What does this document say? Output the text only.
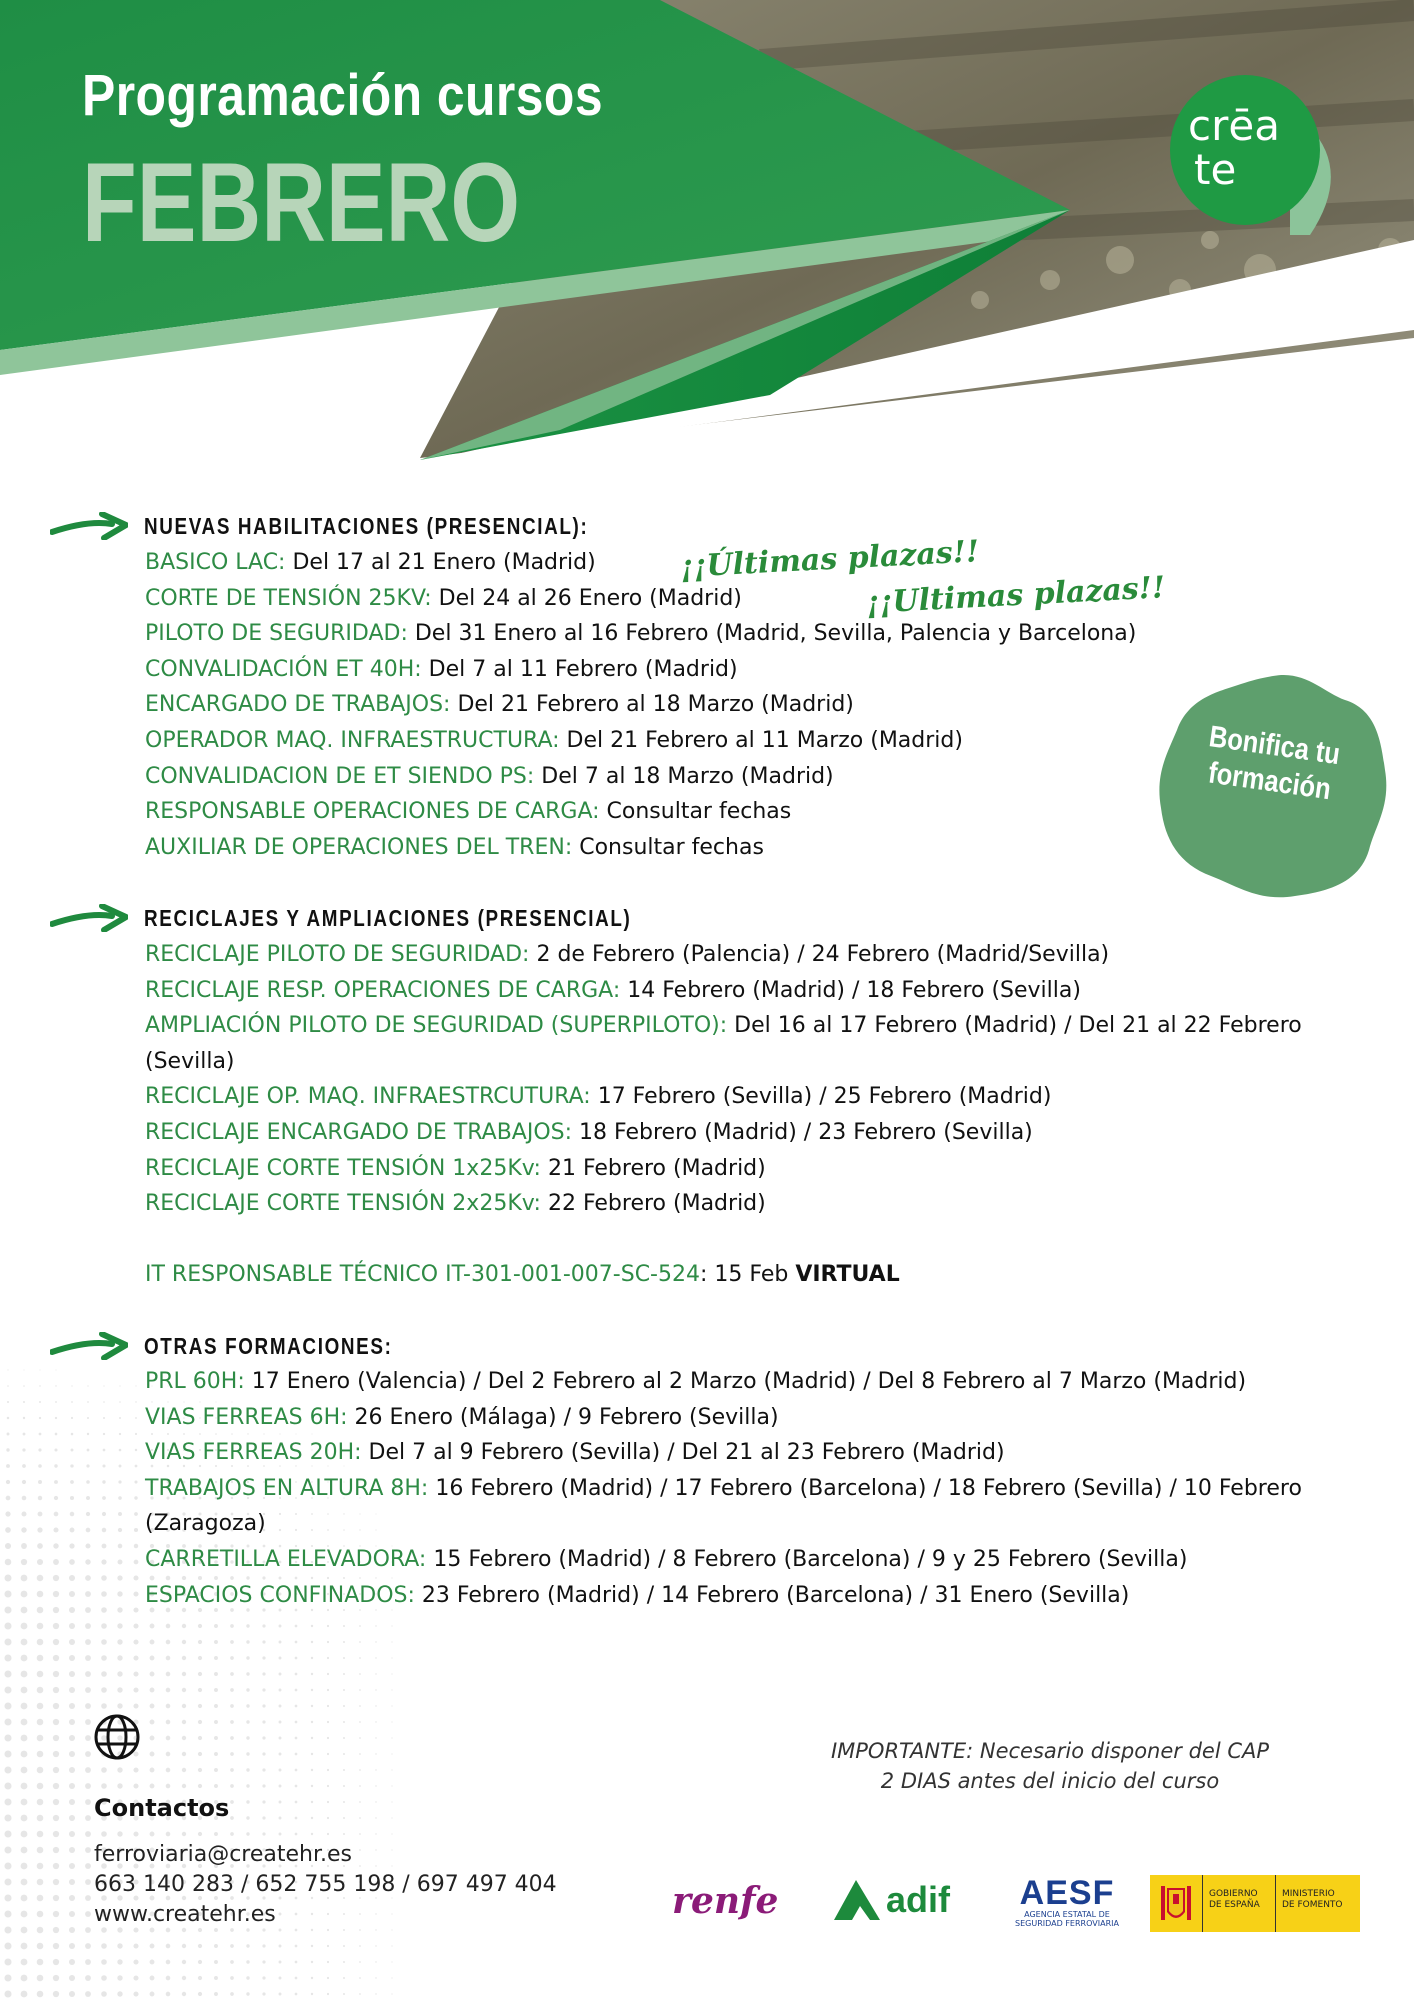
Programación cursos
FEBRERO
crēa
te
NUEVAS HABILITACIONES (PRESENCIAL):
BASICO LAC: Del 17 al 21 Enero (Madrid)
CORTE DE TENSIÓN 25KV: Del 24 al 26 Enero (Madrid)
PILOTO DE SEGURIDAD: Del 31 Enero al 16 Febrero (Madrid, Sevilla, Palencia y Barcelona)
CONVALIDACIÓN ET 40H: Del 7 al 11 Febrero (Madrid)
ENCARGADO DE TRABAJOS: Del 21 Febrero al 18 Marzo (Madrid)
OPERADOR MAQ. INFRAESTRUCTURA: Del 21 Febrero al 11 Marzo (Madrid)
CONVALIDACION DE ET SIENDO PS: Del 7 al 18 Marzo (Madrid)
RESPONSABLE OPERACIONES DE CARGA: Consultar fechas
AUXILIAR DE OPERACIONES DEL TREN: Consultar fechas
¡¡Últimas plazas!!
¡¡Ultimas plazas!!
Bonifica tu
formación
RECICLAJES Y AMPLIACIONES (PRESENCIAL)
RECICLAJE PILOTO DE SEGURIDAD: 2 de Febrero (Palencia) / 24 Febrero (Madrid/Sevilla)
RECICLAJE RESP. OPERACIONES DE CARGA: 14 Febrero (Madrid) / 18 Febrero (Sevilla)
AMPLIACIÓN PILOTO DE SEGURIDAD (SUPERPILOTO): Del 16 al 17 Febrero (Madrid) / Del 21 al 22 Febrero (Sevilla)
RECICLAJE OP. MAQ. INFRAESTRCUTURA: 17 Febrero (Sevilla) / 25 Febrero (Madrid)
RECICLAJE ENCARGADO DE TRABAJOS: 18 Febrero (Madrid) / 23 Febrero (Sevilla)
RECICLAJE CORTE TENSIÓN 1x25Kv: 21 Febrero (Madrid)
RECICLAJE CORTE TENSIÓN 2x25Kv: 22 Febrero (Madrid)
IT RESPONSABLE TÉCNICO IT-301-001-007-SC-524: 15 Feb VIRTUAL
OTRAS FORMACIONES:
PRL 60H: 17 Enero (Valencia) / Del 2 Febrero al 2 Marzo (Madrid) / Del 8 Febrero al 7 Marzo (Madrid)
VIAS FERREAS 6H: 26 Enero (Málaga) / 9 Febrero (Sevilla)
VIAS FERREAS 20H: Del 7 al 9 Febrero (Sevilla) / Del 21 al 23 Febrero (Madrid)
TRABAJOS EN ALTURA 8H: 16 Febrero (Madrid) / 17 Febrero (Barcelona) / 18 Febrero (Sevilla) / 10 Febrero (Zaragoza)
CARRETILLA ELEVADORA: 15 Febrero (Madrid) / 8 Febrero (Barcelona) / 9 y 25 Febrero (Sevilla)
ESPACIOS CONFINADOS: 23 Febrero (Madrid) / 14 Febrero (Barcelona) / 31 Enero (Sevilla)
Contactos
ferroviaria@createhr.es
663 140 283 / 652 755 198 / 697 497 404
www.createhr.es
IMPORTANTE: Necesario disponer del CAP
2 DIAS antes del inicio del curso
renfe	adif	AESF
AGENCIA ESTATAL DE
SEGURIDAD FERROVIARIA
GOBIERNO
DE ESPAÑA
MINISTERIO
DE FOMENTO
